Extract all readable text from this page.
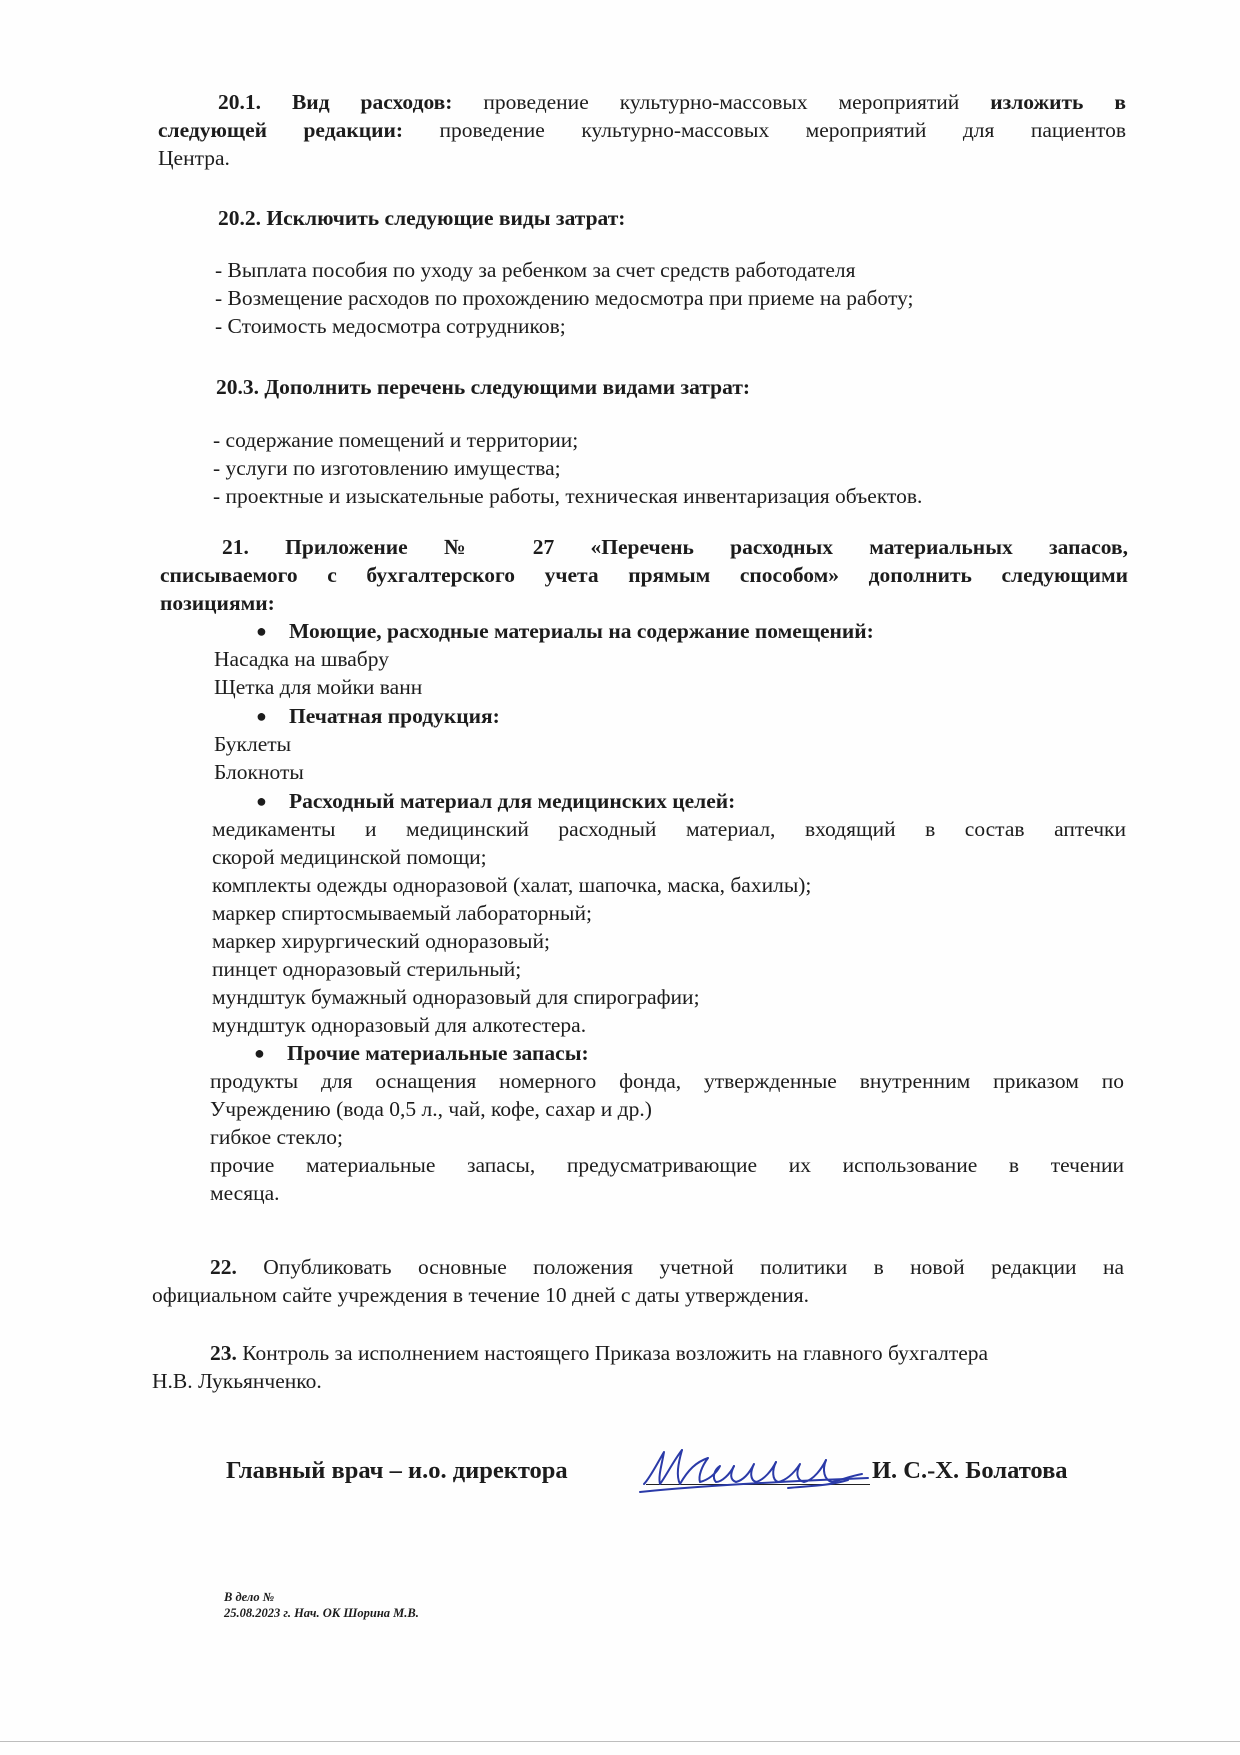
20.1. Вид расходов: проведение культурно-массовых мероприятий изложить в
следующей редакции: проведение культурно-массовых мероприятий для пациентов
Центра.
20.2. Исключить следующие виды затрат:
- Выплата пособия по уходу за ребенком за счет средств работодателя
- Возмещение расходов по прохождению медосмотра при приеме на работу;
- Стоимость медосмотра сотрудников;
20.3. Дополнить перечень следующими видами затрат:
- содержание помещений и территории;
- услуги по изготовлению имущества;
- проектные и изыскательные работы, техническая инвентаризация объектов.
21. Приложение № 27 «Перечень расходных материальных запасов,
списываемого с бухгалтерского учета прямым способом» дополнить следующими
позициями:
● Моющие, расходные материалы на содержание помещений:
Насадка на швабру
Щетка для мойки ванн
● Печатная продукция:
Буклеты
Блокноты
● Расходный материал для медицинских целей:
медикаменты и медицинский расходный материал, входящий в состав аптечки
скорой медицинской помощи;
комплекты одежды одноразовой (халат, шапочка, маска, бахилы);
маркер спиртосмываемый лабораторный;
маркер хирургический одноразовый;
пинцет одноразовый стерильный;
мундштук бумажный одноразовый для спирографии;
мундштук одноразовый для алкотестера.
● Прочие материальные запасы:
продукты для оснащения номерного фонда, утвержденные внутренним приказом по
Учреждению (вода 0,5 л., чай, кофе, сахар и др.)
гибкое стекло;
прочие материальные запасы, предусматривающие их использование в течении
месяца.
22. Опубликовать основные положения учетной политики в новой редакции на
официальном сайте учреждения в течение 10 дней с даты утверждения.
23. Контроль за исполнением настоящего Приказа возложить на главного бухгалтера
Н.В. Лукьянченко.
Главный врач – и.о. директора	И. С.-Х. Болатова
В дело №
25.08.2023 г. Нач. ОК Шорина М.В.
